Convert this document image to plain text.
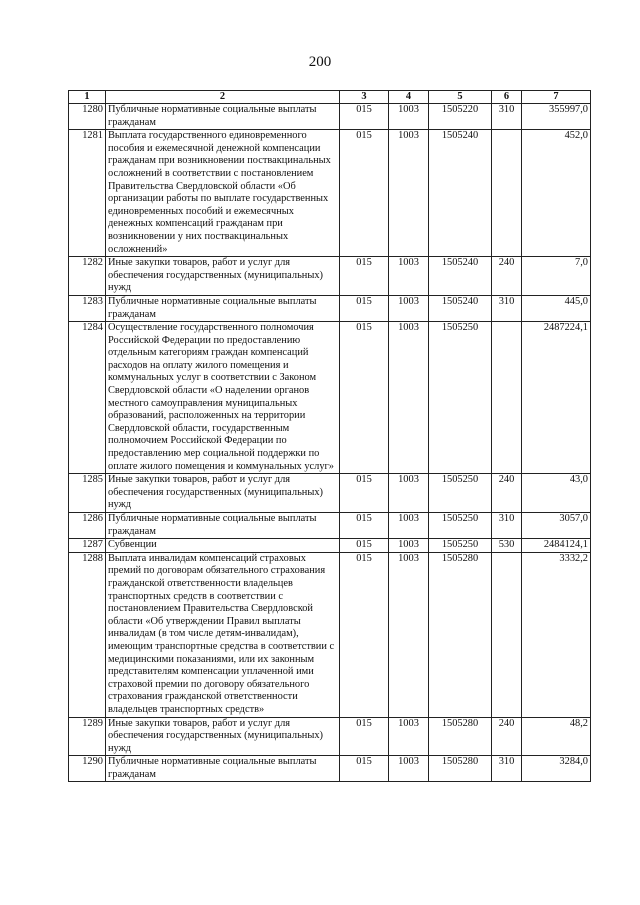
200
1	2	3	4	5	6	7
1280	Публичные нормативные социальные выплаты гражданам	015	1003	1505220	310	355997,0
1281	Выплата государственного единовременного пособия и ежемесячной денежной компенсации гражданам при возникновении поствакцинальных осложнений в соответствии с постановлением Правительства Свердловской области «Об организации работы по выплате государственных единовременных пособий и ежемесячных денежных компенсаций гражданам при возникновении у них поствакцинальных осложнений»	015	1003	1505240		452,0
1282	Иные закупки товаров, работ и услуг для обеспечения государственных (муниципальных) нужд	015	1003	1505240	240	7,0
1283	Публичные нормативные социальные выплаты гражданам	015	1003	1505240	310	445,0
1284	Осуществление государственного полномочия Российской Федерации по предоставлению отдельным категориям граждан компенсаций расходов на оплату жилого помещения и коммунальных услуг в соответствии с Законом Свердловской области «О наделении органов местного самоуправления муниципальных образований, расположенных на территории Свердловской области, государственным полномочием Российской Федерации по предоставлению мер социальной поддержки по оплате жилого помещения и коммунальных услуг»	015	1003	1505250		2487224,1
1285	Иные закупки товаров, работ и услуг для обеспечения государственных (муниципальных) нужд	015	1003	1505250	240	43,0
1286	Публичные нормативные социальные выплаты гражданам	015	1003	1505250	310	3057,0
1287	Субвенции	015	1003	1505250	530	2484124,1
1288	Выплата инвалидам компенсаций страховых премий по договорам обязательного страхования гражданской ответственности владельцев транспортных средств в соответствии с постановлением Правительства Свердловской области «Об утверждении Правил выплаты инвалидам (в том числе детям-инвалидам), имеющим транспортные средства в соответствии с медицинскими показаниями, или их законным представителям компенсации уплаченной ими страховой премии по договору обязательного страхования гражданской ответственности владельцев транспортных средств»	015	1003	1505280		3332,2
1289	Иные закупки товаров, работ и услуг для обеспечения государственных (муниципальных) нужд	015	1003	1505280	240	48,2
1290	Публичные нормативные социальные выплаты гражданам	015	1003	1505280	310	3284,0
